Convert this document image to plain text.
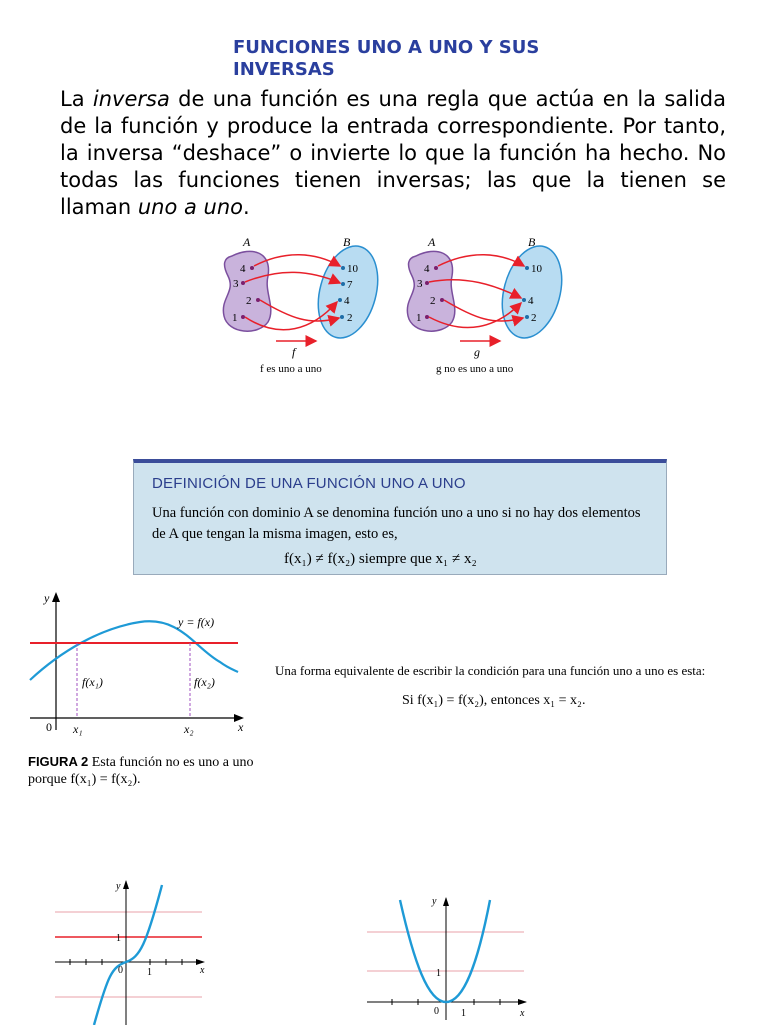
FUNCIONES UNO A UNO Y SUS INVERSAS
La inversa de una función es una regla que actúa en la salida de la función y produce la entrada correspondiente. Por tanto, la inversa “deshace” o invierte lo que la función ha hecho. No todas las funciones tienen inversas; las que la tienen se llaman uno a uno.
A	B
4
3
2
1
10
7
4
2
f
f es uno a uno
A	B
4
3
2
1
10
4
2
g
g no es uno a uno
DEFINICIÓN DE UNA FUNCIÓN UNO A UNO
Una función con dominio A se denomina función uno a uno si no hay dos elementos de A que tengan la misma imagen, esto es,
f(x₁) ≠ f(x₂) siempre que x₁ ≠ x₂
y
x
0
y = f(x)
f(x₁)	f(x₂)
x₁	x₂
FIGURA 2 Esta función no es uno a uno porque f(x₁) = f(x₂).
Una forma equivalente de escribir la condición para una función uno a uno es esta:
Si f(x₁) = f(x₂), entonces x₁ = x₂.
y
x
0 1
1
y
x
0 1
1
